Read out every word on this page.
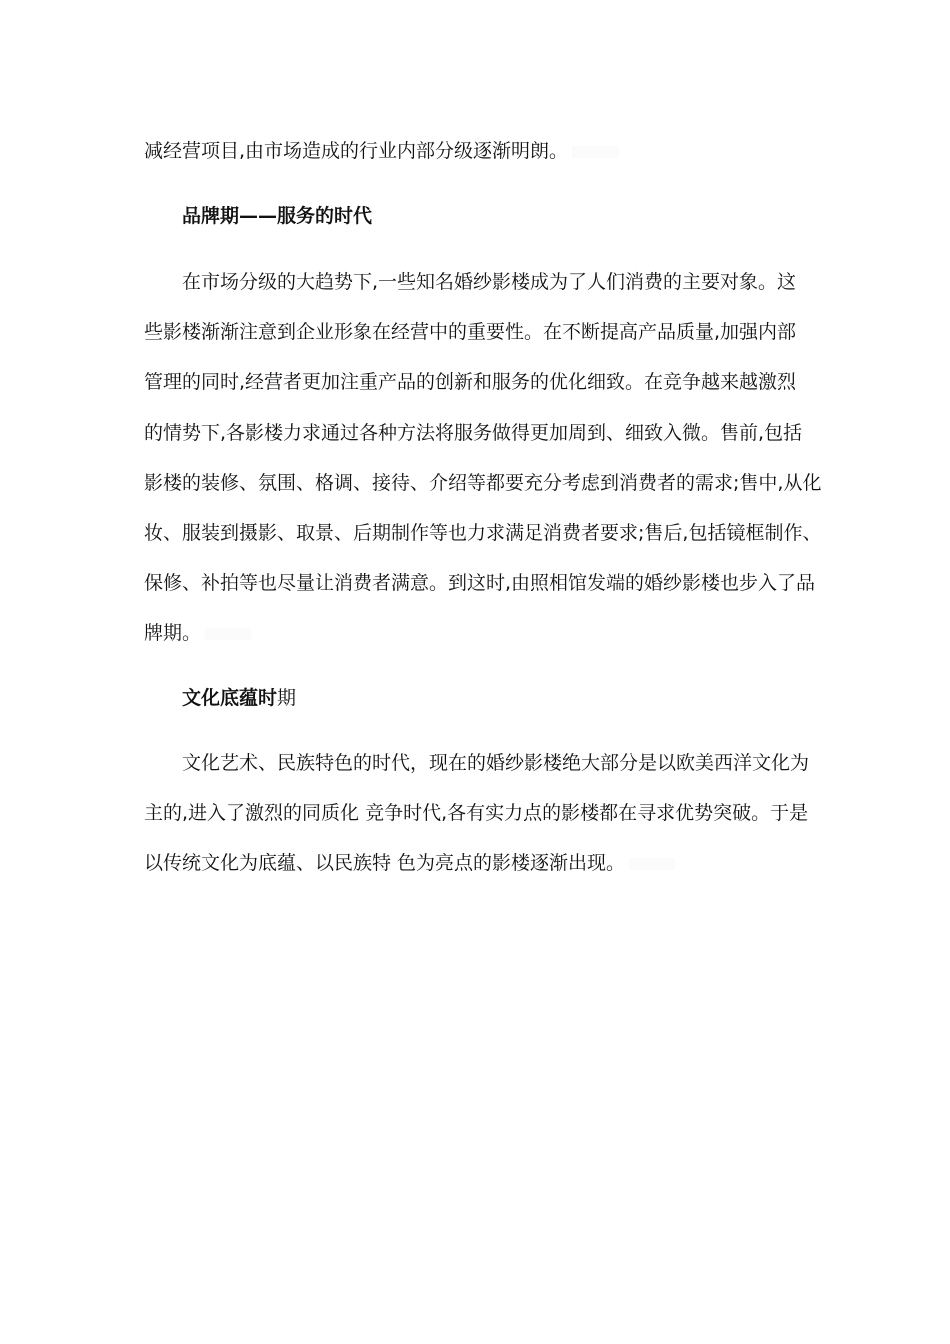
减经营项目,由市场造成的行业内部分级逐渐明朗。
品牌期——服务的时代
在市场分级的大趋势下,一些知名婚纱影楼成为了人们消费的主要对象。这
些影楼渐渐注意到企业形象在经营中的重要性。在不断提高产品质量,加强内部
管理的同时,经营者更加注重产品的创新和服务的优化细致。在竞争越来越激烈
的情势下,各影楼力求通过各种方法将服务做得更加周到、细致入微。售前,包括
影楼的装修、氛围、格调、接待、介绍等都要充分考虑到消费者的需求;售中,从化
妆、服装到摄影、取景、后期制作等也力求满足消费者要求;售后,包括镜框制作、
保修、补拍等也尽量让消费者满意。到这时,由照相馆发端的婚纱影楼也步入了品
牌期。
文化底蕴时期
文化艺术、民族特色的时代，现在的婚纱影楼绝大部分是以欧美西洋文化为
主的,进入了激烈的同质化 竞争时代,各有实力点的影楼都在寻求优势突破。于是
以传统文化为底蕴、以民族特 色为亮点的影楼逐渐出现。
